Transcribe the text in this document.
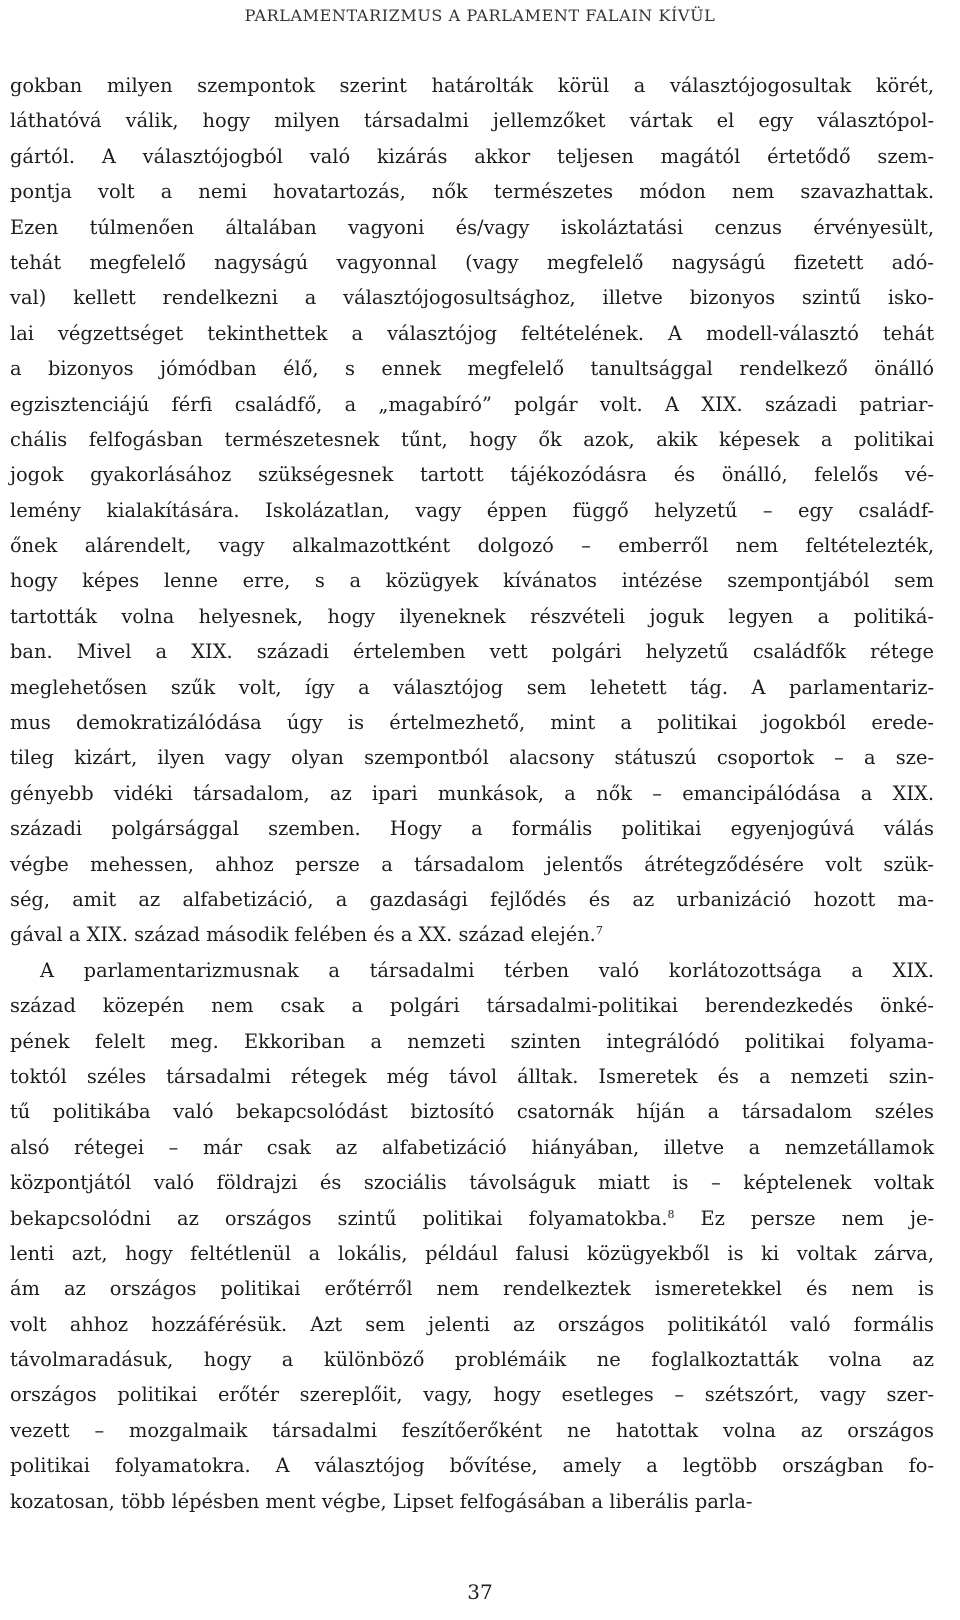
PARLAMENTARIZMUS A PARLAMENT FALAIN KÍVÜL
gokban milyen szempontok szerint határolták körül a választójogosultak körét,
láthatóvá válik, hogy milyen társadalmi jellemzőket vártak el egy választópol-
gártól. A választójogból való kizárás akkor teljesen magától értetődő szem-
pontja volt a nemi hovatartozás, nők természetes módon nem szavazhattak.
Ezen túlmenően általában vagyoni és/vagy iskoláztatási cenzus érvényesült,
tehát megfelelő nagyságú vagyonnal (vagy megfelelő nagyságú fizetett adó-
val) kellett rendelkezni a választójogosultsághoz, illetve bizonyos szintű isko-
lai végzettséget tekinthettek a választójog feltételének. A modell-választó tehát
a bizonyos jómódban élő, s ennek megfelelő tanultsággal rendelkező önálló
egzisztenciájú férfi családfő, a „magabíró” polgár volt. A XIX. századi patriar-
chális felfogásban természetesnek tűnt, hogy ők azok, akik képesek a politikai
jogok gyakorlásához szükségesnek tartott tájékozódásra és önálló, felelős vé-
lemény kialakítására. Iskolázatlan, vagy éppen függő helyzetű – egy családf-
őnek alárendelt, vagy alkalmazottként dolgozó – emberről nem feltételezték,
hogy képes lenne erre, s a közügyek kívánatos intézése szempontjából sem
tartották volna helyesnek, hogy ilyeneknek részvételi joguk legyen a politiká-
ban. Mivel a XIX. századi értelemben vett polgári helyzetű családfők rétege
meglehetősen szűk volt, így a választójog sem lehetett tág. A parlamentariz-
mus demokratizálódása úgy is értelmezhető, mint a politikai jogokból erede-
tileg kizárt, ilyen vagy olyan szempontból alacsony státuszú csoportok – a sze-
gényebb vidéki társadalom, az ipari munkások, a nők – emancipálódása a XIX.
századi polgársággal szemben. Hogy a formális politikai egyenjogúvá válás
végbe mehessen, ahhoz persze a társadalom jelentős átrétegződésére volt szük-
ség, amit az alfabetizáció, a gazdasági fejlődés és az urbanizáció hozott ma-
gával a XIX. század második felében és a XX. század elején.$^7$
A parlamentarizmusnak a társadalmi térben való korlátozottsága a XIX.
század közepén nem csak a polgári társadalmi-politikai berendezkedés önké-
pének felelt meg. Ekkoriban a nemzeti szinten integrálódó politikai folyama-
toktól széles társadalmi rétegek még távol álltak. Ismeretek és a nemzeti szin-
tű politikába való bekapcsolódást biztosító csatornák híján a társadalom széles
alsó rétegei – már csak az alfabetizáció hiányában, illetve a nemzetállamok
központjától való földrajzi és szociális távolságuk miatt is – képtelenek voltak
bekapcsolódni az országos szintű politikai folyamatokba.$^8$ Ez persze nem je-
lenti azt, hogy feltétlenül a lokális, például falusi közügyekből is ki voltak zárva,
ám az országos politikai erőtérről nem rendelkeztek ismeretekkel és nem is
volt ahhoz hozzáférésük. Azt sem jelenti az országos politikától való formális
távolmaradásuk, hogy a különböző problémáik ne foglalkoztatták volna az
országos politikai erőtér szereplőit, vagy, hogy esetleges – szétszórt, vagy szer-
vezett – mozgalmaik társadalmi feszítőerőként ne hatottak volna az országos
politikai folyamatokra. A választójog bővítése, amely a legtöbb országban fo-
kozatosan, több lépésben ment végbe, Lipset felfogásában a liberális parla-
37
